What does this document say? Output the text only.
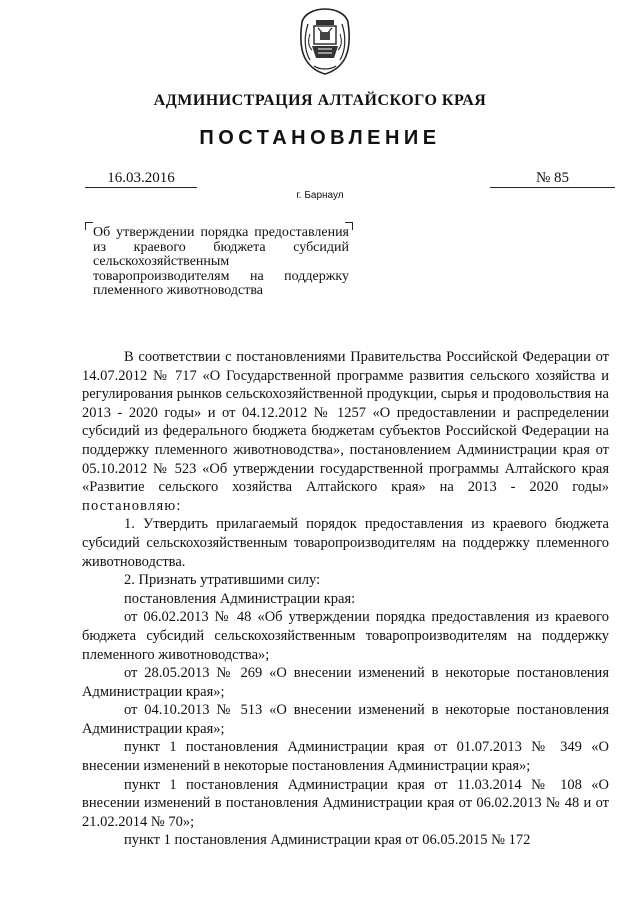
АДМИНИСТРАЦИЯ АЛТАЙСКОГО КРАЯ
ПОСТАНОВЛЕНИЕ
16.03.2016	№ 85
г. Барнаул
Об утверждении порядка предоставления из краевого бюджета субсидий сельскохозяйственным товаропроизводителям на поддержку племенного животноводства

В соответствии с постановлениями Правительства Российской Федерации от 14.07.2012 № 717 «О Государственной программе развития сельского хозяйства и регулирования рынков сельскохозяйственной продукции, сырья и продовольствия на 2013 - 2020 годы» и от 04.12.2012 № 1257 «О предоставлении и распределении субсидий из федерального бюджета бюджетам субъектов Российской Федерации на поддержку племенного животноводства», постановлением Администрации края от 05.10.2012 № 523 «Об утверждении государственной программы Алтайского края «Развитие сельского хозяйства Алтайского края» на 2013 - 2020 годы» постановляю:

1. Утвердить прилагаемый порядок предоставления из краевого бюджета субсидий сельскохозяйственным товаропроизводителям на поддержку племенного животноводства.

2. Признать утратившими силу:

постановления Администрации края:

от 06.02.2013 № 48 «Об утверждении порядка предоставления из краевого бюджета субсидий сельскохозяйственным товаропроизводителям на поддержку племенного животноводства»;

от 28.05.2013 № 269 «О внесении изменений в некоторые постановления Администрации края»;

от 04.10.2013 № 513 «О внесении изменений в некоторые постановления Администрации края»;

пункт 1 постановления Администрации края от 01.07.2013 № 349 «О внесении изменений в некоторые постановления Администрации края»;

пункт 1 постановления Администрации края от 11.03.2014 № 108 «О внесении изменений в постановления Администрации края от 06.02.2013 № 48 и от 21.02.2014 № 70»;

пункт 1 постановления Администрации края от 06.05.2015 № 172
